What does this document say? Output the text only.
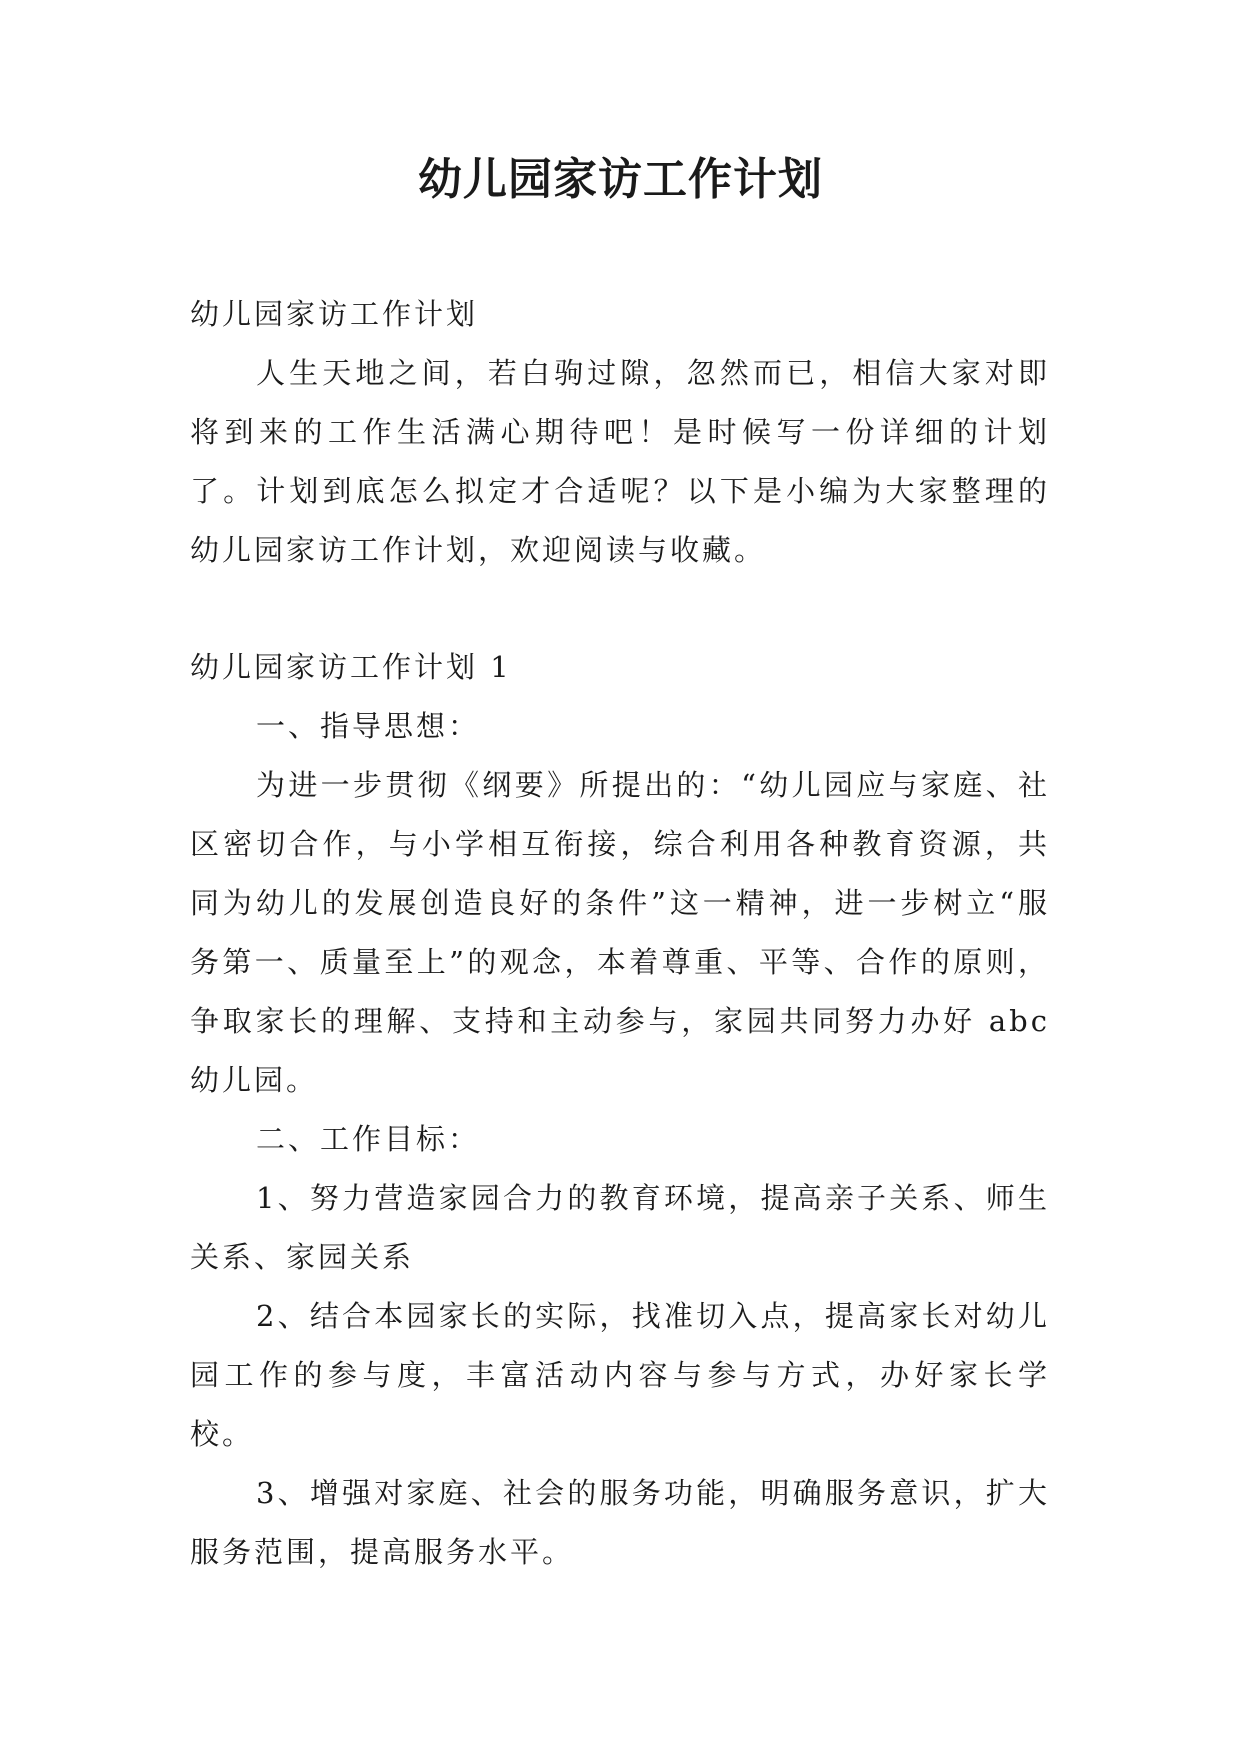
幼儿园家访工作计划

幼儿园家访工作计划

人生天地之间，若白驹过隙，忽然而已，相信大家对即将到来的工作生活满心期待吧！是时候写一份详细的计划了。计划到底怎么拟定才合适呢？以下是小编为大家整理的幼儿园家访工作计划，欢迎阅读与收藏。

幼儿园家访工作计划 1

一、指导思想：

为进一步贯彻《纲要》所提出的：“幼儿园应与家庭、社区密切合作，与小学相互衔接，综合利用各种教育资源，共同为幼儿的发展创造良好的条件”这一精神，进一步树立“服务第一、质量至上”的观念，本着尊重、平等、合作的原则，争取家长的理解、支持和主动参与，家园共同努力办好 abc 幼儿园。

二、工作目标：

1、努力营造家园合力的教育环境，提高亲子关系、师生关系、家园关系

2、结合本园家长的实际，找准切入点，提高家长对幼儿园工作的参与度，丰富活动内容与参与方式，办好家长学校。

3、增强对家庭、社会的服务功能，明确服务意识，扩大服务范围，提高服务水平。
